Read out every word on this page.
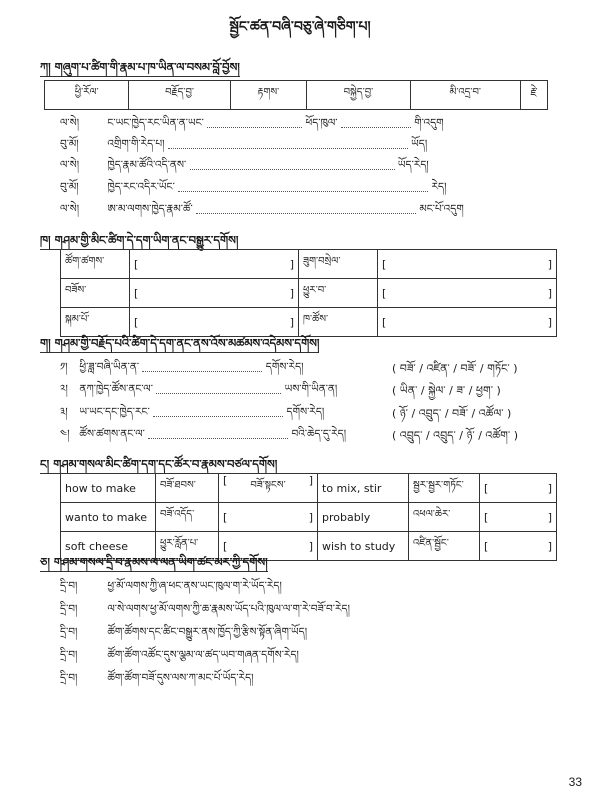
སྦྱོང་ཚན་བཞི་བཅུ་ཞེ་གཅིག་པ།
ཀ། གཞུག་པ་ཚིག་གི་རྣམ་པ་ཁ་ཡིན་ལ་བསམ་བློ་བྱོས།
ཕྱི་རོལ་	བརྗོད་བྱ་	རྟགས་	བསྐྱེད་བྱ་	མི་འདྲ་བ་	རྗེ་
ལ་སེ།	ང་ཡང་ཁྱེད་རང་ཡིན་ན་ཡང་	ཕོད་ཁུལ་	གི་འདུག
བུ་མོ།	འགྲིག་གི་རེད་པ།	ཡོད།
ལ་སེ།	ཁྱེད་རྣམ་ཚོའི་འདི་ནས་	ཡོད་རེད།
བུ་མོ།	ཁྱེད་རང་འདིར་ཡོང་	རེད།
ལ་སེ།	ཨ་མ་ལགས་ཁྱེད་རྣམ་ཚོ་	མང་པོ་འདུག
ཁ། གཤམ་གྱི་མིང་ཚིག་དེ་དག་ཡིག་ནང་བསྒྱུར་དགོས།
ཚོག་ཚགས་	[ ]	ཟུག་བསྲེལ་	[ ]

བཟོས་	[ ]	ཕྱུར་བ་	[ ]

སྐམ་པོ་	[ ]	ཁ་ཚོས་	[ ]
ག། གཤམ་གྱི་བརྗོད་པའི་ཚིག་དེ་དག་ནང་ནས་འོས་མཚམས་འདེམས་དགོས།
༡། ཕྱི་ཟླ་བཞི་ཡིན་ན་	དགོས་རེད།	( བཟོ་ / འཛིན་ / བཟོ་ / གཏོང་ )
༢། ནཀ་ཁྱེད་ཚོས་ནང་ལ་	ཡས་གི་ཡིན་ན།	( ཡིན་ / སྐྱེལ་ / ཟ་ / ཕྱག་ )
༣། ཡ་ཡང་དང་ཁྱེད་རང་	དགོས་རེད།	( ཉོ་ / འབྲུད་ / བཟོ་ / འཚོལ་ )
༤། ཚོས་ཚགས་ནང་ལ་	བའི་ཆེད་དུ་རེད།	( འབྲུད་ / འབྲུད་ / ཉོ་ / འཚོག་ )
ང། གཤམ་གསལ་མིང་ཚིག་དག་དང་ཚོར་བ་རྣམས་བཙལ་དགོས།
how to make	བཟོ་ཐབས་	[ བཟོ་སྟངས་ ]	to mix, stir	སྦྱར་སྦྱར་གཏོང་	[ ]

wanto to make	བཟོ་འདོད་	[ ]	probably	འཕལ་ཆེར་	[ ]

soft cheese	ཕྱུར་རློན་པ་	[ ]	wish to study	འཛིན་སྦྱོང་	[ ]
ཅ། གཤམ་གསལ་དྲི་བ་རྣམས་ལ་ལན་ཡིག་ཚང་མར་ཀྱི་དགོས།
དྲི་བ།	ཕྱ་མོ་ལགས་ཀྱི་ཞ་ཕང་ནས་ཡང་ཁུལ་ག་རེ་ཡོད་རེད།
དྲི་བ།	ལ་སེ་ལགས་ཕྱ་མོ་ལགས་ཀྱི་ཆ་རྣམས་ཡོད་པའི་ཁུལ་ལ་ག་རེ་བཟོ་བ་རེད།
དྲི་བ།	ཚོག་ཚོགས་དང་ཚིང་བསྒྱུར་ནས་ཁྱོད་ཀྱི་རྩིས་སྟོན་ཞིག་ཡོད།
དྲི་བ།	ཚོག་ཚོག་འཚོང་དུས་ལྕམ་ལ་ཚད་ཡབ་གཞན་དགོས་རེད།
དྲི་བ།	ཚོག་ཚོག་བཟོ་དུས་ལས་ཀ་མང་པོ་ཡོད་རེད།
33
